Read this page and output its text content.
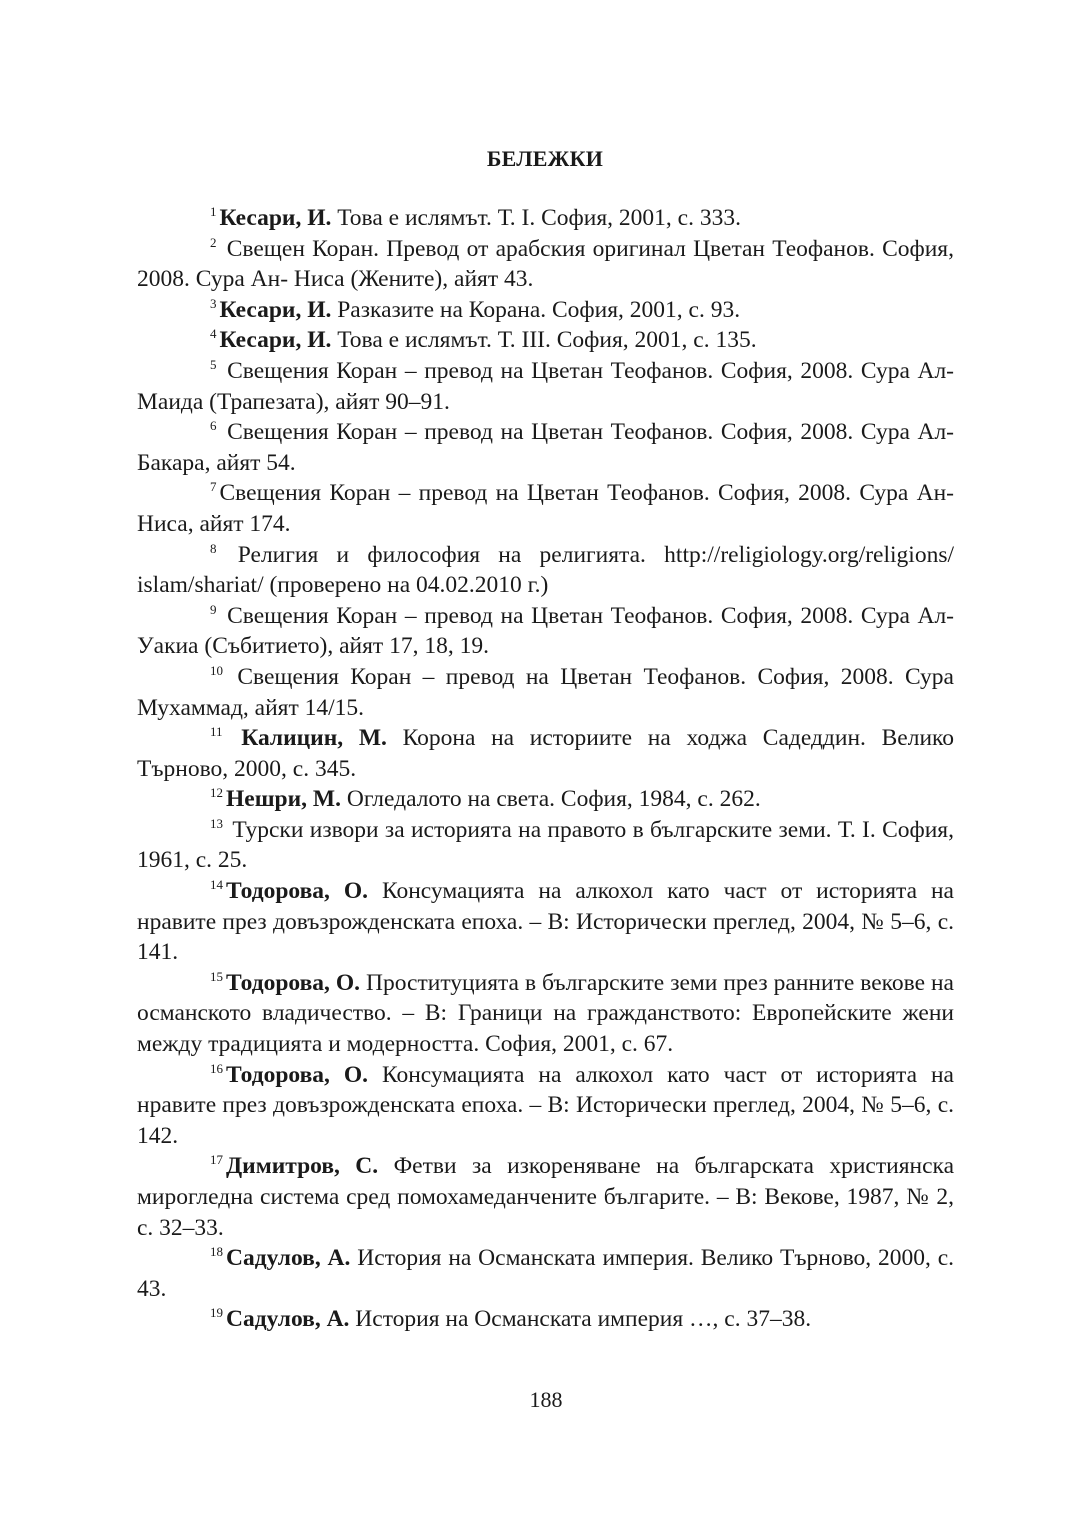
БЕЛЕЖКИ

$^1$ Кесари, И. Това е ислямът. Т. I. София, 2001, с. 333.

$^2$ Свещен Коран. Превод от арабския оригинал Цветан Теофанов. София, 2008. Сура Ан- Ниса (Жените), айят 43.

$^3$ Кесари, И. Разказите на Корана. София, 2001, с. 93.

$^4$ Кесари, И. Това е ислямът. Т. III. София, 2001, с. 135.

$^5$ Свещения Коран – превод на Цветан Теофанов. София, 2008. Сура Ал- Маида (Трапезата), айят 90–91.

$^6$ Свещения Коран – превод на Цветан Теофанов. София, 2008. Сура Ал- Бакара, айят 54.

$^7$ Свещения Коран – превод на Цветан Теофанов. София, 2008. Сура Ан-Ниса, айят 174.

$^8$ Религия и философия на религията. http://religiology.org/religions/ islam/shariat/ (проверено на 04.02.2010 г.)

$^9$ Свещения Коран – превод на Цветан Теофанов. София, 2008. Сура Ал-Уакиа (Събитието), айят 17, 18, 19.

$^{10}$ Свещения Коран – превод на Цветан Теофанов. София, 2008. Сура Мухаммад, айят 14/15.

$^{11}$ Калицин, М. Корона на историите на ходжа Садеддин. Велико Търново, 2000, с. 345.

$^{12}$ Нешри, М. Огледалото на света. София, 1984, с. 262.

$^{13}$ Турски извори за историята на правото в българските земи. Т. I. София, 1961, с. 25.

$^{14}$ Тодорова, О. Консумацията на алкохол като част от историята на нравите през довъзрожденската епоха. – В: Исторически преглед, 2004, № 5–6, с. 141.

$^{15}$ Тодорова, О. Проституцията в българските земи през ранните векове на османското владичество. – В: Граници на гражданството: Европейските жени между традицията и модерността. София, 2001, с. 67.

$^{16}$ Тодорова, О. Консумацията на алкохол като част от историята на нравите през довъзрожденската епоха. – В: Исторически преглед, 2004, № 5–6, с. 142.

$^{17}$ Димитров, С. Фетви за изкореняване на българската християнска мирогледна система сред помохамеданчените българите. – В: Векове, 1987, № 2, с. 32–33.

$^{18}$ Садулов, А. История на Османската империя. Велико Търново, 2000, с. 43.

$^{19}$ Садулов, А. История на Османската империя …, с. 37–38.

188
